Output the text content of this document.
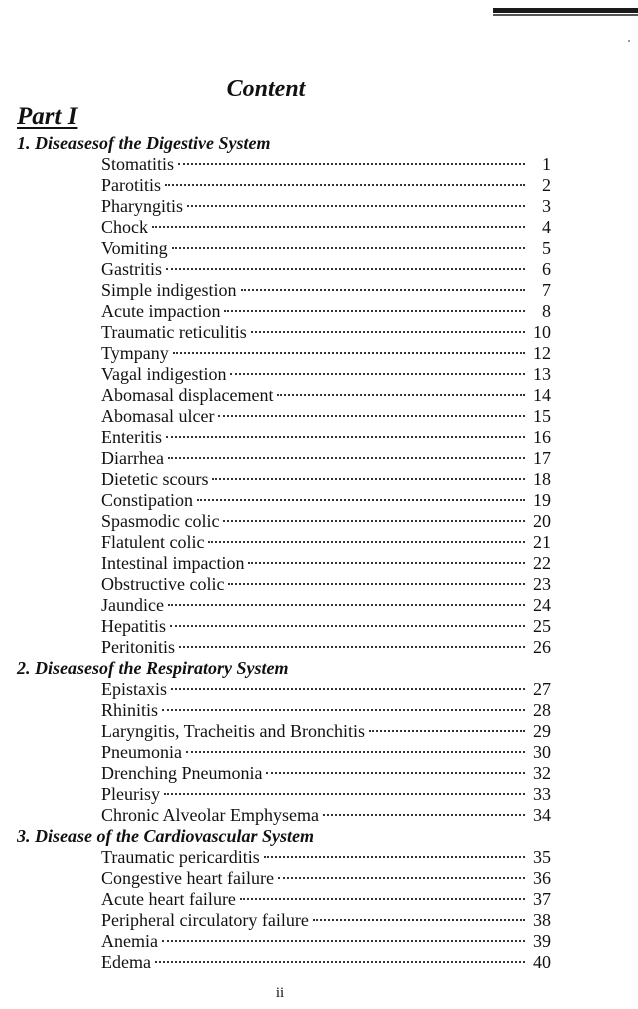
Content
Part I
1. Diseasesof the Digestive System
Stomatitis	1
Parotitis	2
Pharyngitis	3
Chock	4
Vomiting	5
Gastritis	6
Simple indigestion	7
Acute impaction	8
Traumatic reticulitis	10
Tympany	12
Vagal indigestion	13
Abomasal displacement	14
Abomasal ulcer	15
Enteritis	16
Diarrhea	17
Dietetic scours	18
Constipation	19
Spasmodic colic	20
Flatulent colic	21
Intestinal impaction	22
Obstructive colic	23
Jaundice	24
Hepatitis	25
Peritonitis	26
2. Diseasesof the Respiratory System
Epistaxis	27
Rhinitis	28
Laryngitis, Tracheitis and Bronchitis	29
Pneumonia	30
Drenching Pneumonia	32
Pleurisy	33
Chronic Alveolar Emphysema	34
3. Disease of the Cardiovascular System
Traumatic pericarditis	35
Congestive heart failure	36
Acute heart failure	37
Peripheral circulatory failure	38
Anemia	39
Edema	40
ii
